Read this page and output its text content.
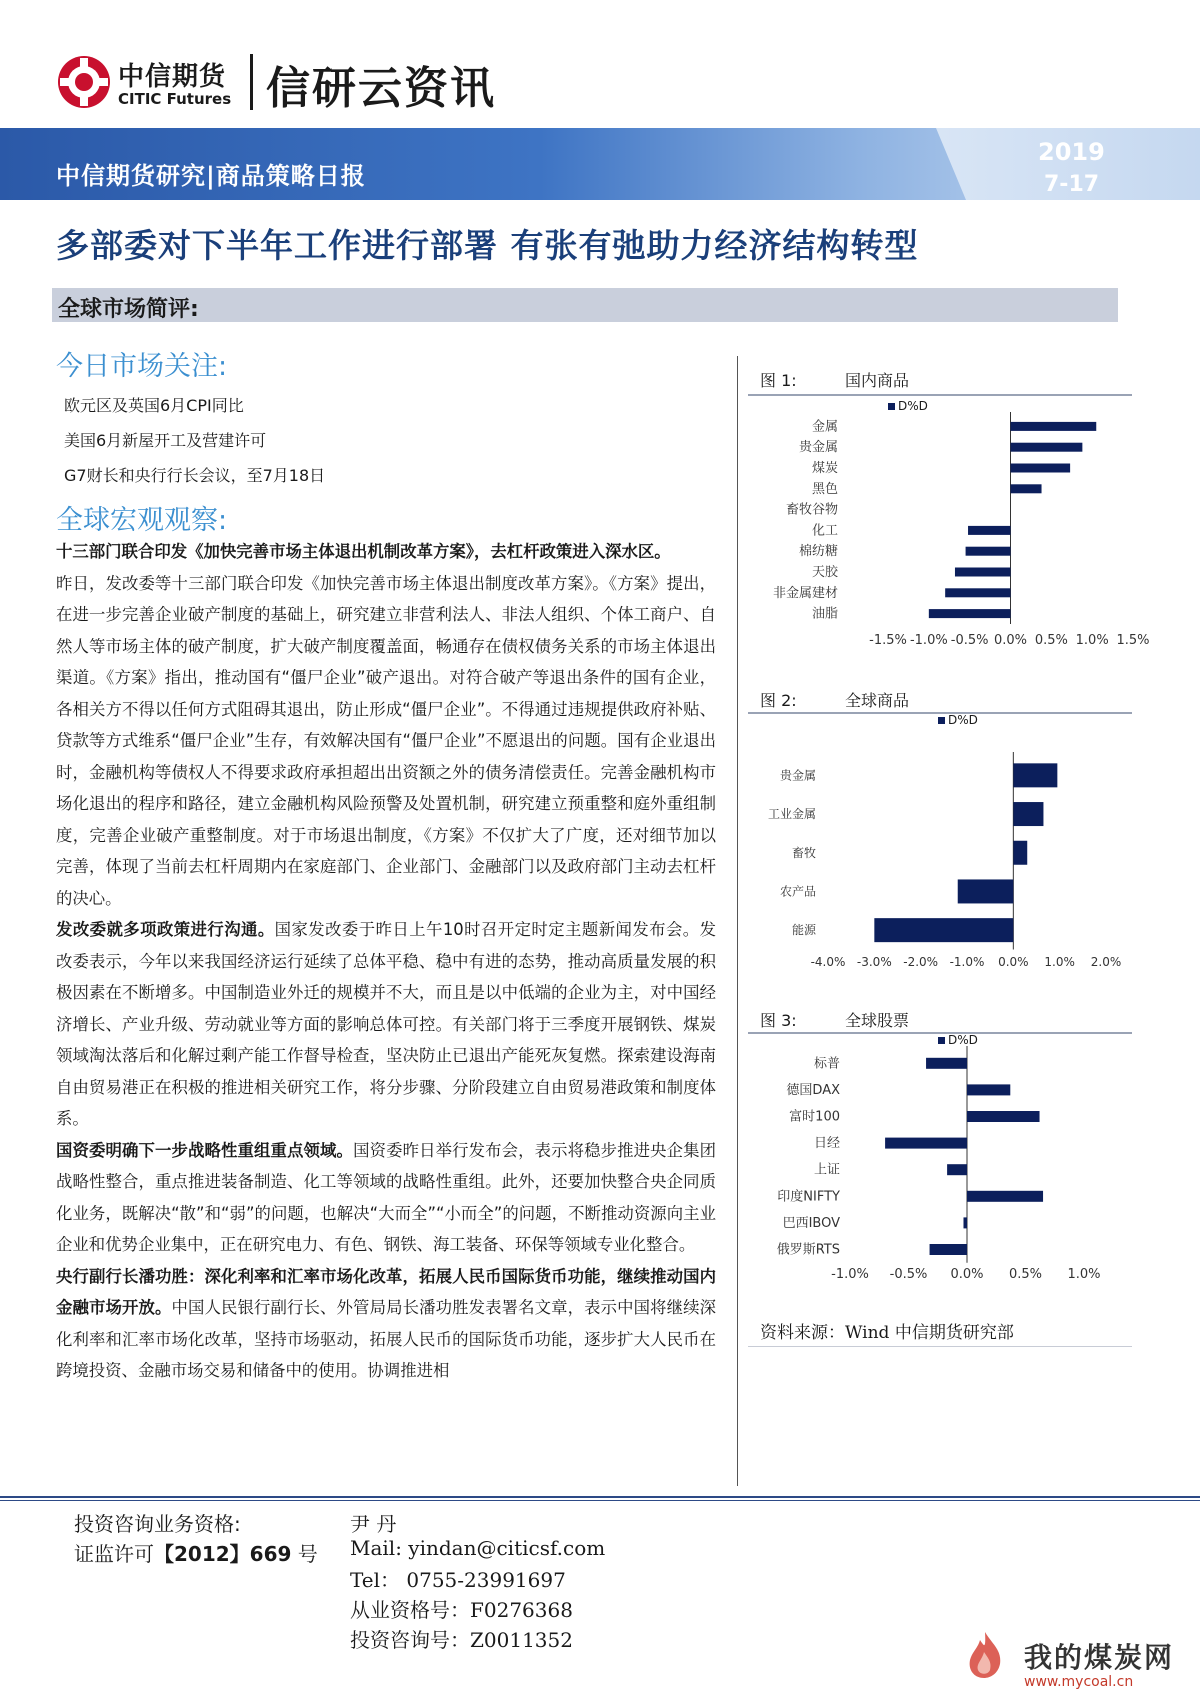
中信期货
CITIC Futures 信研云资讯
中信期货研究|商品策略日报
2019
7-17
多部委对下半年工作进行部署 有张有弛助力经济结构转型
全球市场简评:
今日市场关注:
欧元区及英国6月CPI同比
美国6月新屋开工及营建许可
G7财长和央行行长会议，至7月18日
全球宏观观察:

十三部门联合印发《加快完善市场主体退出机制改革方案》，去杠杆政策进入深水区。
昨日，发改委等十三部门联合印发《加快完善市场主体退出制度改革方案》。《方案》提出，在进一步完善企业破产制度的基础上，研究建立非营利法人、非法人组织、个体工商户、自然人等市场主体的破产制度，扩大破产制度覆盖面，畅通存在债权债务关系的市场主体退出渠道。《方案》指出，推动国有“僵尸企业”破产退出。对符合破产等退出条件的国有企业，各相关方不得以任何方式阻碍其退出，防止形成“僵尸企业”。不得通过违规提供政府补贴、贷款等方式维系“僵尸企业”生存，有效解决国有“僵尸企业”不愿退出的问题。国有企业退出时，金融机构等债权人不得要求政府承担超出出资额之外的债务清偿责任。完善金融机构市场化退出的程序和路径，建立金融机构风险预警及处置机制，研究建立预重整和庭外重组制度，完善企业破产重整制度。对于市场退出制度，《方案》不仅扩大了广度，还对细节加以完善，体现了当前去杠杆周期内在家庭部门、企业部门、金融部门以及政府部门主动去杠杆的决心。

发改委就多项政策进行沟通。国家发改委于昨日上午10时召开定时定主题新闻发布会。发改委表示，今年以来我国经济运行延续了总体平稳、稳中有进的态势，推动高质量发展的积极因素在不断增多。中国制造业外迁的规模并不大，而且是以中低端的企业为主，对中国经济增长、产业升级、劳动就业等方面的影响总体可控。有关部门将于三季度开展钢铁、煤炭领域淘汰落后和化解过剩产能工作督导检查，坚决防止已退出产能死灰复燃。探索建设海南自由贸易港正在积极的推进相关研究工作，将分步骤、分阶段建立自由贸易港政策和制度体系。

国资委明确下一步战略性重组重点领域。国资委昨日举行发布会，表示将稳步推进央企集团战略性整合，重点推进装备制造、化工等领域的战略性重组。此外，还要加快整合央企同质化业务，既解决“散”和“弱”的问题，也解决“大而全”“小而全”的问题，不断推动资源向主业企业和优势企业集中，正在研究电力、有色、钢铁、海工装备、环保等领域专业化整合。

央行副行长潘功胜：深化利率和汇率市场化改革，拓展人民币国际货币功能，继续推动国内金融市场开放。中国人民银行副行长、外管局局长潘功胜发表署名文章，表示中国将继续深化利率和汇率市场化改革，坚持市场驱动，拓展人民币的国际货币功能，逐步扩大人民币在跨境投资、金融市场交易和储备中的使用。协调推进相

图 1:	国内商品
D%D
金属
贵金属
煤炭
黑色
畜牧谷物
化工
棉纺糖
天胶
非金属建材
油脂
-1.5% -1.0% -0.5% 0.0% 0.5% 1.0% 1.5%
图 2:	全球商品
D%D
贵金属
工业金属
畜牧
农产品
能源
-4.0% -3.0% -2.0% -1.0% 0.0% 1.0% 2.0%
图 3:	全球股票
D%D
标普
德国DAX
富时100
日经
上证
印度NIFTY
巴西IBOV
俄罗斯RTS
-1.0% -0.5% 0.0% 0.5% 1.0%
资料来源：Wind 中信期货研究部
投资咨询业务资格:
证监许可【2012】669 号
尹 丹
Mail: yindan@citicsf.com
Tel： 0755-23991697
从业资格号：F0276368
投资咨询号：Z0011352
我的煤炭网
www.mycoal.cn
